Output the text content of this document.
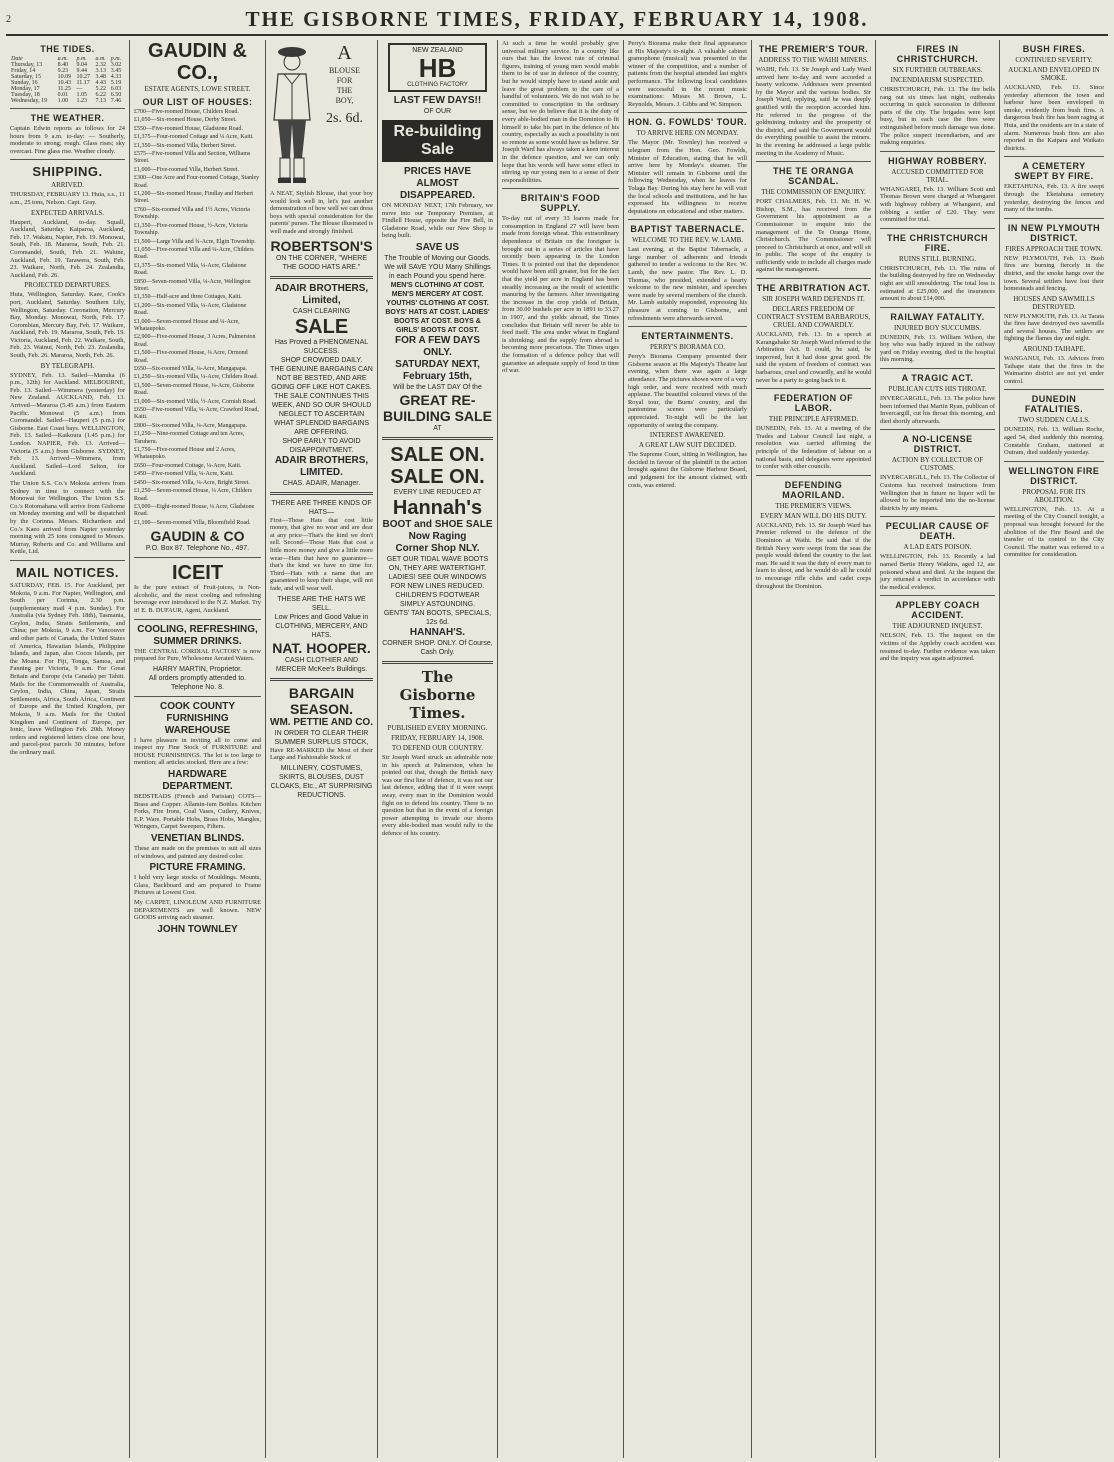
2	THE GISBORNE TIMES, FRIDAY, FEBRUARY 14, 1908.
THE TIDES.
Date	a.m.	p.m.	a.m.	p.m.
Thursday, 13	8.40	9.04	2.32	3.02
Friday, 14	9.23	9.44	3.13	3.45
Saturday, 15	10.09	10.27	3.48	4.33
Sunday, 16	10.43	11.17	4.43	5.19
Monday, 17	11.25	—	5.22	6.03
Tuesday, 18	0.01	1.05	6.22	6.50
Wednesday, 19	1.00	1.23	7.13	7.46
THE WEATHER.

Captain Edwin reports as follows for 24 hours from 9 a.m. to-day: — Southerly, moderate to strong; rough. Glass rises; sky overcast. Fine glass rise. Weather cloudy.

SHIPPING.
ARRIVED.

THURSDAY, FEBRUARY 13. Huia, s.s., 11 a.m., 25 tons, Nelson. Capt. Gray.

EXPECTED ARRIVALS.

Hauperi, Auckland, to-day. Squall, Auckland, Saturday. Kaiparoa, Auckland, Feb. 17. Wakatu, Napier, Feb. 19. Monowai, South, Feb. 18. Mararoa, South, Feb. 21. Coromandel, South, Feb. 21. Wahine, Auckland, Feb. 19. Tarawera, South, Feb. 23. Waikare, North, Feb. 24. Zealandia, Auckland, Feb. 26.

PROJECTED DEPARTURES.

Huia, Wellington, Saturday. Kaee, Cook's port, Auckland, Saturday. Southern Lily, Wellington, Saturday. Coronation, Mercury Bay, Monday. Monowai, North, Feb. 17. Corombian, Mercury Bay, Feb. 17. Waikare, Auckland, Feb. 19. Mararoa, South, Feb. 19. Victoria, Auckland, Feb. 22. Waikare, South, Feb. 23. Wainui, North, Feb. 23. Zealandia, South, Feb. 26. Mararoa, North, Feb. 26.

BY TELEGRAPH.

SYDNEY, Feb. 13. Sailed—Manuka (6 p.m., 12th) for Auckland. MELBOURNE, Feb. 13. Sailed—Wimmera (yesterday) for New Zealand. AUCKLAND, Feb. 13. Arrived—Mararoa (5.45 a.m.) from Eastern Pacific. Monowai (5 a.m.) from Coromandel. Sailed—Hauperi (5 p.m.) for Gisborne. East Coast bays. WELLINGTON, Feb. 13. Sailed—Kaikoura (1.45 p.m.) for London. NAPIER, Feb. 13. Arrived—Victoria (5 a.m.) from Gisborne. SYDNEY, Feb. 13. Arrived—Wimmera, from Auckland. Sailed—Lord Selton, for Auckland.

The Union S.S. Co.'s Mokoia arrives from Sydney in time to connect with the Monowai for Wellington. The Union S.S. Co.'s Rotomahana will arrive from Gisborne on Monday morning and will be dispatched by the Corinna. Messrs. Richardson and Co.'s Kaeo arrived from Napier yesterday morning with 25 tons consigned to Messrs. Murray, Roberts and Co. and Williams and Kettle, Ltd.

MAIL NOTICES.

SATURDAY, FEB. 15. For Auckland, per Mokoia, 9 a.m. For Napier, Wellington, and South per Corinna, 2.30 p.m. (supplementary mail 4 p.m. Sunday). For Australia (via Sydney Feb. 18th), Tasmania, Ceylon, India, Straits Settlements, and China; per Mokoia, 9 a.m. For Vancouver and other parts of Canada, the United States of America, Hawaiian Islands, Philippine Islands, and Japan, also Cocos Islands, per the Moana. For Fiji, Tonga, Samoa, and Fanning per Victoria, 9 a.m. For Great Britain and Europe (via Canada) per Tahiti. Mails for the Commonwealth of Australia, Ceylon, India, China, Japan, Straits Settlements, Africa, South Africa, Continent of Europe and the United Kingdom, per Mokoia, 9 a.m. Mails for the United Kingdom and Continent of Europe, per Ionic, leave Wellington Feb. 20th. Money orders and registered letters close one hour, and parcel-post parcels 30 minutes, before the ordinary mail.

GAUDIN & CO.,
ESTATE AGENTS, LOWE STREET.
OUR LIST OF HOUSES:
£700—Five-roomed House, Childers Road.
£1,050—Six-roomed House, Derby Street.
£550—Five-roomed House, Gladstone Road.
£1,375—Four-roomed Cottage and ¼ Acre, Kaiti.
£1,350—Six-roomed Villa, Herbert Street.
£575—Five-roomed Villa and Section, Williams Street.
£1,000—Five-roomed Villa, Herbert Street.
£300—One Acre and Four-roomed Cottage, Stanley Road.
£1,200—Six-roomed House, Findlay and Herbert Street.
£760—Six-roomed Villa and 1½ Acres, Victoria Township.
£1,350—Five-roomed House, ½-Acre, Victoria Township.
£1,500—Large Villa and ¾-Acre, Elgin Township.
£1,050—Five-roomed Villa and ¼-Acre, Childers Road.
£1,375—Six-roomed Villa, ¼-Acre, Gladstone Road.
£850—Seven-roomed Villa, ¼-Acre, Wellington Street.
£1,350—Half-acre and three Cottages, Kaiti.
£1,200—Six-roomed Villa, ¼-Acre, Gladstone Road.
£1,000—Seven-roomed House and ¼-Acre, Whataupoko.
£2,900—Five-roomed House, 3 Acres, Palmerston Road.
£1,500—Five-roomed House, ¼ Acre, Ormond Road.
£650—Six-roomed Villa, ¼-Acre, Mangapapa.
£1,250—Six-roomed Villa, ¼-Acre, Childers Road.
£1,500—Seven-roomed House, ¼-Acre, Gisborne Road.
£1,000—Six-roomed Villa, ½-Acre, Cornish Road.
£650—Five-roomed Villa, ¼-Acre, Crawford Road, Kaiti.
£800—Six-roomed Villa, ¼-Acre, Mangapapa.
£1,250—Nine-roomed Cottage and ten Acres, Taruheru.
£1,750—Five-roomed House and 2 Acres, Whataupoko.
£650—Four-roomed Cottage, ¼-Acre, Kaiti.
£450—Five-roomed Villa, ¼-Acre, Kaiti.
£450—Six-roomed Villa, ¼-Acre, Bright Street.
£1,250—Seven-roomed House, ¼ Acre, Childers Road.
£3,000—Eight-roomed House, ¼ Acre, Gladstone Road.
£1,100—Seven-roomed Villa, Bloomfield Road.
GAUDIN & CO
P.O. Box 87. Telephone No., 497.
ICEIT

Is the pure extract of Fruit-juices, is Non-alcoholic, and the most cooling and refreshing beverage ever introduced to the N.Z. Market. Try it! E. B. DUFAUR, Agent, Auckland.

COOLING, REFRESHING, SUMMER DRINKS.

THE CENTRAL CORDIAL FACTORY is now prepared for Pure, Wholesome Aerated Waters.

HARRY MARTIN, Proprietor.
All orders promptly attended to. Telephone No. 8.
COOK COUNTY FURNISHING WAREHOUSE

I have pleasure in inviting all to come and inspect my Fine Stock of FURNITURE and HOUSE FURNISHINGS. The lot is too large to mention; all articles stocked. Here are a few:

HARDWARE DEPARTMENT.

BEDSTEADS (French and Parisian) COTS—Brass and Copper. Allamin-ium Bottles. Kitchen Forks, Fire Irons, Coal Vases, Cutlery, Knives, E.P. Ware. Portable Hobs, Brass Hobs, Mangles, Wringers, Carpet Sweepers, Filters.

VENETIAN BLINDS.

These are made on the premises to suit all sizes of windows, and painted any desired color.

PICTURE FRAMING.

I hold very large stocks of Mouldings. Mounts, Glass, Backboard and am prepared to Frame Pictures at Lowest Cost.

My CARPET, LINOLEUM AND FURNITURE DEPARTMENTS are well known. NEW GOODS arriving each steamer.

JOHN TOWNLEY
A
BLOUSE
FOR
THE
BOY,
2s. 6d.

A NEAT, Stylish Blouse, that your boy would look well in, let's just another demonstration of how well we can dress boys with special consideration for the parents' purses. The Blouse illustrated is well made and strongly finished.

ROBERTSON'S
ON THE CORNER, "WHERE THE GOOD HATS ARE."
ADAIR BROTHERS, Limited,
CASH CLEARING
SALE
Has Proved a PHENOMENAL SUCCESS.
SHOP CROWDED DAILY.
THE GENUINE BARGAINS CAN NOT BE BESTED, AND ARE GOING OFF LIKE HOT CAKES.
THE SALE CONTINUES THIS WEEK, AND SO OUR SHOULD NEGLECT TO ASCERTAIN WHAT SPLENDID BARGAINS ARE OFFERING.
SHOP EARLY TO AVOID DISAPPOINTMENT.
ADAIR BROTHERS, LIMITED.
CHAS. ADAIR, Manager.
THERE ARE THREE KINDS OF HATS—

First—Those Hats that cost little money, that give no wear and are dear at any price—That's the kind we don't sell. Second—Those Hats that cost a little more money and give a little more wear—Hats that have no guarantee—that's the kind we have no time for. Third—Hats with a name that are guaranteed to keep their shape, will not fade, and will wear well.

THESE ARE THE HATS WE SELL.
Low Prices and Good Value in CLOTHING, MERCERY, AND HATS.
NAT. HOOPER.
CASH CLOTHIER AND MERCER McKee's Buildings.
BARGAIN SEASON.
WM. PETTIE AND CO.
IN ORDER TO CLEAR THEIR SUMMER SURPLUS STOCK,

Have RE-MARKED the Most of their Large and Fashionable Stock of

MILLINERY, COSTUMES, SKIRTS, BLOUSES, DUST CLOAKS, Etc., AT SURPRISING REDUCTIONS.
NEW ZEALAND
HB
CLOTHING FACTORY
LAST FEW DAYS!!
OF OUR
Re-building Sale
PRICES HAVE ALMOST DISAPPEARED.

ON MONDAY NEXT, 17th February, we move into our Temporary Premises, at Findlell House, opposite the Fire Bell, in Gladstone Road, while our New Shop is being built.

SAVE US
The Trouble of Moving our Goods. We will SAVE YOU Many Shillings in each Pound you spend here.
MEN'S CLOTHING AT COST. MEN'S MERCERY AT COST. YOUTHS' CLOTHING AT COST. BOYS' HATS AT COST. LADIES' BOOTS AT COST. BOYS & GIRLS' BOOTS AT COST.
FOR A FEW DAYS ONLY.
SATURDAY NEXT, February 15th,
Will be the LAST DAY Of the
GREAT RE-BUILDING SALE
AT
SALE ON. SALE ON.
EVERY LINE REDUCED AT
Hannah's
BOOT and SHOE SALE
Now Raging
Corner Shop NLY.
GET OUR TIDAL WAVE BOOTS ON, THEY ARE WATERTIGHT.
LADIES! SEE OUR WINDOWS FOR NEW LINES REDUCED.
CHILDREN'S FOOTWEAR SIMPLY ASTOUNDING.
GENTS' TAN BOOTS, SPECIALS, 12s 6d.
HANNAH'S.
CORNER SHOP. ONLY. Of Course, Cash Only.
The Gisborne Times.
PUBLISHED EVERY MORNING.
FRIDAY, FEBRUARY 14, 1908.
TO DEFEND OUR COUNTRY.

Sir Joseph Ward struck an admirable note in his speech at Palmerston, when he pointed out that, though the British navy was our first line of defence, it was not our last defence, adding that if it were swept away, every man in the Dominion would fight on to defend his country. There is no question but that in the event of a foreign power attempting to invade our shores every able-bodied man would rally to the defence of his country.

At such a time he would probably give universal military service. In a country like ours that has the lowest rate of criminal figures, training of young men would enable them to be of use in defence of the country, but he would simply have to stand aside and leave the great problem to the care of a handful of volunteers. We do not wish to be committed to conscription in the ordinary sense, but we do believe that it is the duty of every able-bodied man in the Dominion to fit himself to take his part in the defence of his country, especially as such a possibility is not so remote as some would have us believe. Sir Joseph Ward has always taken a keen interest in the defence question, and we can only hope that his words will have some effect in stirring up our young men to a sense of their responsibilities.

BRITAIN'S FOOD SUPPLY.

To-day out of every 33 loaves made for consumption in England 27 will have been made from foreign wheat. This extraordinary dependence of Britain on the foreigner is brought out in a series of articles that have recently been appearing in the London Times. It is pointed out that the dependence would have been still greater, but for the fact that the yield per acre in England has been steadily increasing as the result of scientific manuring by the farmers. After investigating the increase in the crop yields of Britain, from 30.00 bushels per acre in 1891 to 33.27 in 1907, and the yields abroad, the Times concludes that Britain will never be able to feed itself. The area under wheat in England is shrinking; and the supply from abroad is becoming more precarious. The Times urges the formation of a defence policy that will guarantee an adequate supply of food in time of war.

Perry's Biorama make their final appearance at His Majesty's to-night. A valuable cabinet gramophone (musical) was presented to the winner of the competition, and a number of patients from the hospital attended last night's performance. The following local candidates were successful in the recent music examinations: Misses M. Brown, L. Reynolds, Messrs. J. Gibbs and W. Simpson.

HON. G. FOWLDS' TOUR.
TO ARRIVE HERE ON MONDAY.

The Mayor (Mr. Townley) has received a telegram from the Hon. Geo. Fowlds, Minister of Education, stating that he will arrive here by Monday's steamer. The Minister will remain in Gisborne until the following Wednesday, when he leaves for Tolaga Bay. During his stay here he will visit the local schools and institutions, and he has expressed his willingness to receive deputations on educational and other matters.

BAPTIST TABERNACLE.
WELCOME TO THE REV. W. LAMB.

Last evening, at the Baptist Tabernacle, a large number of adherents and friends gathered to tender a welcome to the Rev. W. Lamb, the new pastor. The Rev. L. D. Thomas, who presided, extended a hearty welcome to the new minister, and speeches were made by several members of the church. Mr. Lamb suitably responded, expressing his pleasure at coming to Gisborne, and refreshments were afterwards served.

ENTERTAINMENTS.
PERRY'S BIORAMA CO.

Perry's Biorama Company presented their Gisborne season at His Majesty's Theatre last evening, when there was again a large attendance. The pictures shown were of a very high order, and were received with much applause. The beautiful coloured views of the Royal tour, the Burns' country, and the pantomime scenes were particularly appreciated. To-night will be the last opportunity of seeing the company.

INTEREST AWAKENED.
A GREAT LAW SUIT DECIDED.

The Supreme Court, sitting in Wellington, has decided in favour of the plaintiff in the action brought against the Gisborne Harbour Board, and judgment for the amount claimed, with costs, was entered.

THE PREMIER'S TOUR.
ADDRESS TO THE WAIHI MINERS.

WAIHI, Feb. 13. Sir Joseph and Lady Ward arrived here to-day and were accorded a hearty welcome. Addresses were presented by the Mayor and the various bodies. Sir Joseph Ward, replying, said he was deeply gratified with the reception accorded him. He referred to the progress of the goldmining industry and the prosperity of the district, and said the Government would do everything possible to assist the miners. In the evening he addressed a large public meeting in the Academy of Music.

THE TE ORANGA SCANDAL.
THE COMMISSION OF ENQUIRY.

PORT CHALMERS, Feb. 13. Mr. H. W. Bishop, S.M., has received from the Government his appointment as a Commissioner to enquire into the management of the Te Oranga Home, Christchurch. The Commissioner will proceed to Christchurch at once, and will sit in public. The scope of the enquiry is sufficiently wide to include all charges made against the management.

THE ARBITRATION ACT.
SIR JOSEPH WARD DEFENDS IT.
DECLARES FREEDOM OF CONTRACT SYSTEM BARBAROUS, CRUEL AND COWARDLY.

AUCKLAND, Feb. 13. In a speech at Karangahake Sir Joseph Ward referred to the Arbitration Act. It could, he said, be improved, but it had done great good. He said the system of freedom of contract was barbarous, cruel and cowardly, and he would never be a party to going back to it.

FEDERATION OF LABOR.
THE PRINCIPLE AFFIRMED.

DUNEDIN, Feb. 13. At a meeting of the Trades and Labour Council last night, a resolution was carried affirming the principle of the federation of labour on a national basis, and delegates were appointed to confer with other councils.

DEFENDING MAORILAND.
THE PREMIER'S VIEWS.
EVERY MAN WILL DO HIS DUTY.

AUCKLAND, Feb. 13. Sir Joseph Ward has Premier referred to the defence of the Dominion at Waihi. He said that if the British Navy were swept from the seas the people would defend the country to the last man. He said it was the duty of every man to learn to shoot, and he would do all he could to encourage rifle clubs and cadet corps throughout the Dominion.

FIRES IN CHRISTCHURCH.
SIX FURTHER OUTBREAKS.
INCENDIARISM SUSPECTED.

CHRISTCHURCH, Feb. 13. The fire bells rang out six times last night, outbreaks occurring in quick succession in different parts of the city. The brigades were kept busy, but in each case the fires were extinguished before much damage was done. The police suspect incendiarism, and are making enquiries.

HIGHWAY ROBBERY.
ACCUSED COMMITTED FOR TRIAL.

WHANGAREI, Feb. 13. William Scott and Thomas Brown were charged at Whangarei with highway robbery at Whangarei, and robbing a settler of £20. They were committed for trial.

THE CHRISTCHURCH FIRE.
RUINS STILL BURNING.

CHRISTCHURCH, Feb. 13. The ruins of the building destroyed by fire on Wednesday night are still smouldering. The total loss is estimated at £25,000, and the insurances amount to about £14,000.

RAILWAY FATALITY.
INJURED BOY SUCCUMBS.

DUNEDIN, Feb. 13. William Wilson, the boy who was badly injured in the railway yard on Friday evening, died in the hospital this morning.

A TRAGIC ACT.
PUBLICAN CUTS HIS THROAT.

INVERCARGILL, Feb. 13. The police have been informed that Martin Ryan, publican of Invercargill, cut his throat this morning, and died shortly afterwards.

A NO-LICENSE DISTRICT.
ACTION BY COLLECTOR OF CUSTOMS.

INVERCARGILL, Feb. 13. The Collector of Customs has received instructions from Wellington that in future no liquor will be allowed to be imported into the no-license districts by any means.

PECULIAR CAUSE OF DEATH.
A LAD EATS POISON.

WELLINGTON, Feb. 13. Recently a lad named Bertie Henry Watkins, aged 12, ate poisoned wheat and died. At the inquest the jury returned a verdict in accordance with the medical evidence.

APPLEBY COACH ACCIDENT.
THE ADJOURNED INQUEST.

NELSON, Feb. 13. The inquest on the victims of the Appleby coach accident was resumed to-day. Further evidence was taken and the inquiry was again adjourned.

BUSH FIRES.
CONTINUED SEVERITY.
AUCKLAND ENVELOPED IN SMOKE.

AUCKLAND, Feb. 13. Since yesterday afternoon the town and harbour have been enveloped in smoke, evidently from bush fires. A dangerous bush fire has been raging at Huia, and the residents are in a state of alarm. Numerous bush fires are also reported in the Kaipara and Waikato districts.

A CEMETERY SWEPT BY FIRE.

EKETAHUNA, Feb. 13. A fire swept through the Eketahuna cemetery yesterday, destroying the fences and many of the tombs.

IN NEW PLYMOUTH DISTRICT.
FIRES APPROACH THE TOWN.

NEW PLYMOUTH, Feb. 13. Bush fires are burning fiercely in the district, and the smoke hangs over the town. Several settlers have lost their homesteads and fencing.

HOUSES AND SAWMILLS DESTROYED.

NEW PLYMOUTH, Feb. 13. At Tarata the fires have destroyed two sawmills and several houses. The settlers are fighting the flames day and night.

AROUND TAIHAPE.

WANGANUI, Feb. 13. Advices from Taihape state that the fires in the Waimarino district are not yet under control.

DUNEDIN FATALITIES.
TWO SUDDEN CALLS.

DUNEDIN, Feb. 13. William Roche, aged 54, died suddenly this morning. Constable Graham, stationed at Outram, died suddenly yesterday.

WELLINGTON FIRE DISTRICT.
PROPOSAL FOR ITS ABOLITION.

WELLINGTON, Feb. 13. At a meeting of the City Council tonight, a proposal was brought forward for the abolition of the Fire Board and the transfer of its control to the City Council. The matter was referred to a committee for consideration.
